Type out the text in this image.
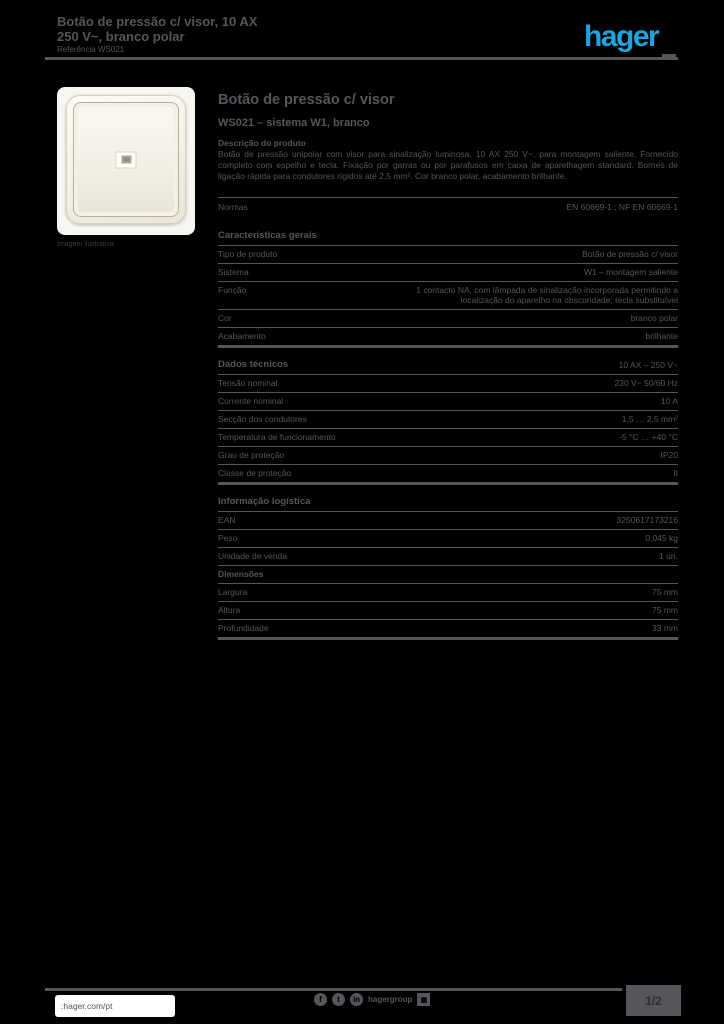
Botão de pressão c/ visor, 10 AX
250 V~, branco polar
Referência WS021	hager
Imagem ilustrativa
Botão de pressão c/ visor
WS021 – sistema W1, branco
Descrição do produto
Botão de pressão unipolar com visor para sinalização luminosa, 10 AX 250 V~, para montagem saliente. Fornecido completo com espelho e tecla. Fixação por garras ou por parafusos em caixa de aparelhagem standard. Bornes de ligação rápida para condutores rígidos até 2,5 mm². Cor branco polar, acabamento brilhante.
Normas	EN 60669-1 ; NF EN 60669-1
Características gerais
Tipo de produto	Botão de pressão c/ visor
Sistema	W1 – montagem saliente
Função	1 contacto NA, com lâmpada de sinalização incorporada permitindo a localização do aparelho na obscuridade; tecla substituível
Cor	branco polar
Acabamento	brilhante
Dados técnicos	10 AX – 250 V~
Tensão nominal	230 V~ 50/60 Hz
Corrente nominal	10 A
Secção dos condutores	1,5 … 2,5 mm²
Temperatura de funcionamento	-5 °C … +40 °C
Grau de proteção	IP20
Classe de proteção	II
Informação logística
EAN	3250617173216
Peso	0,045 kg
Unidade de venda	1 un.
Dimensões
Largura	75 mm
Altura	75 mm
Profundidade	33 mm
:hager.com/pt
f	t	in hagergroup	▦	1/2
